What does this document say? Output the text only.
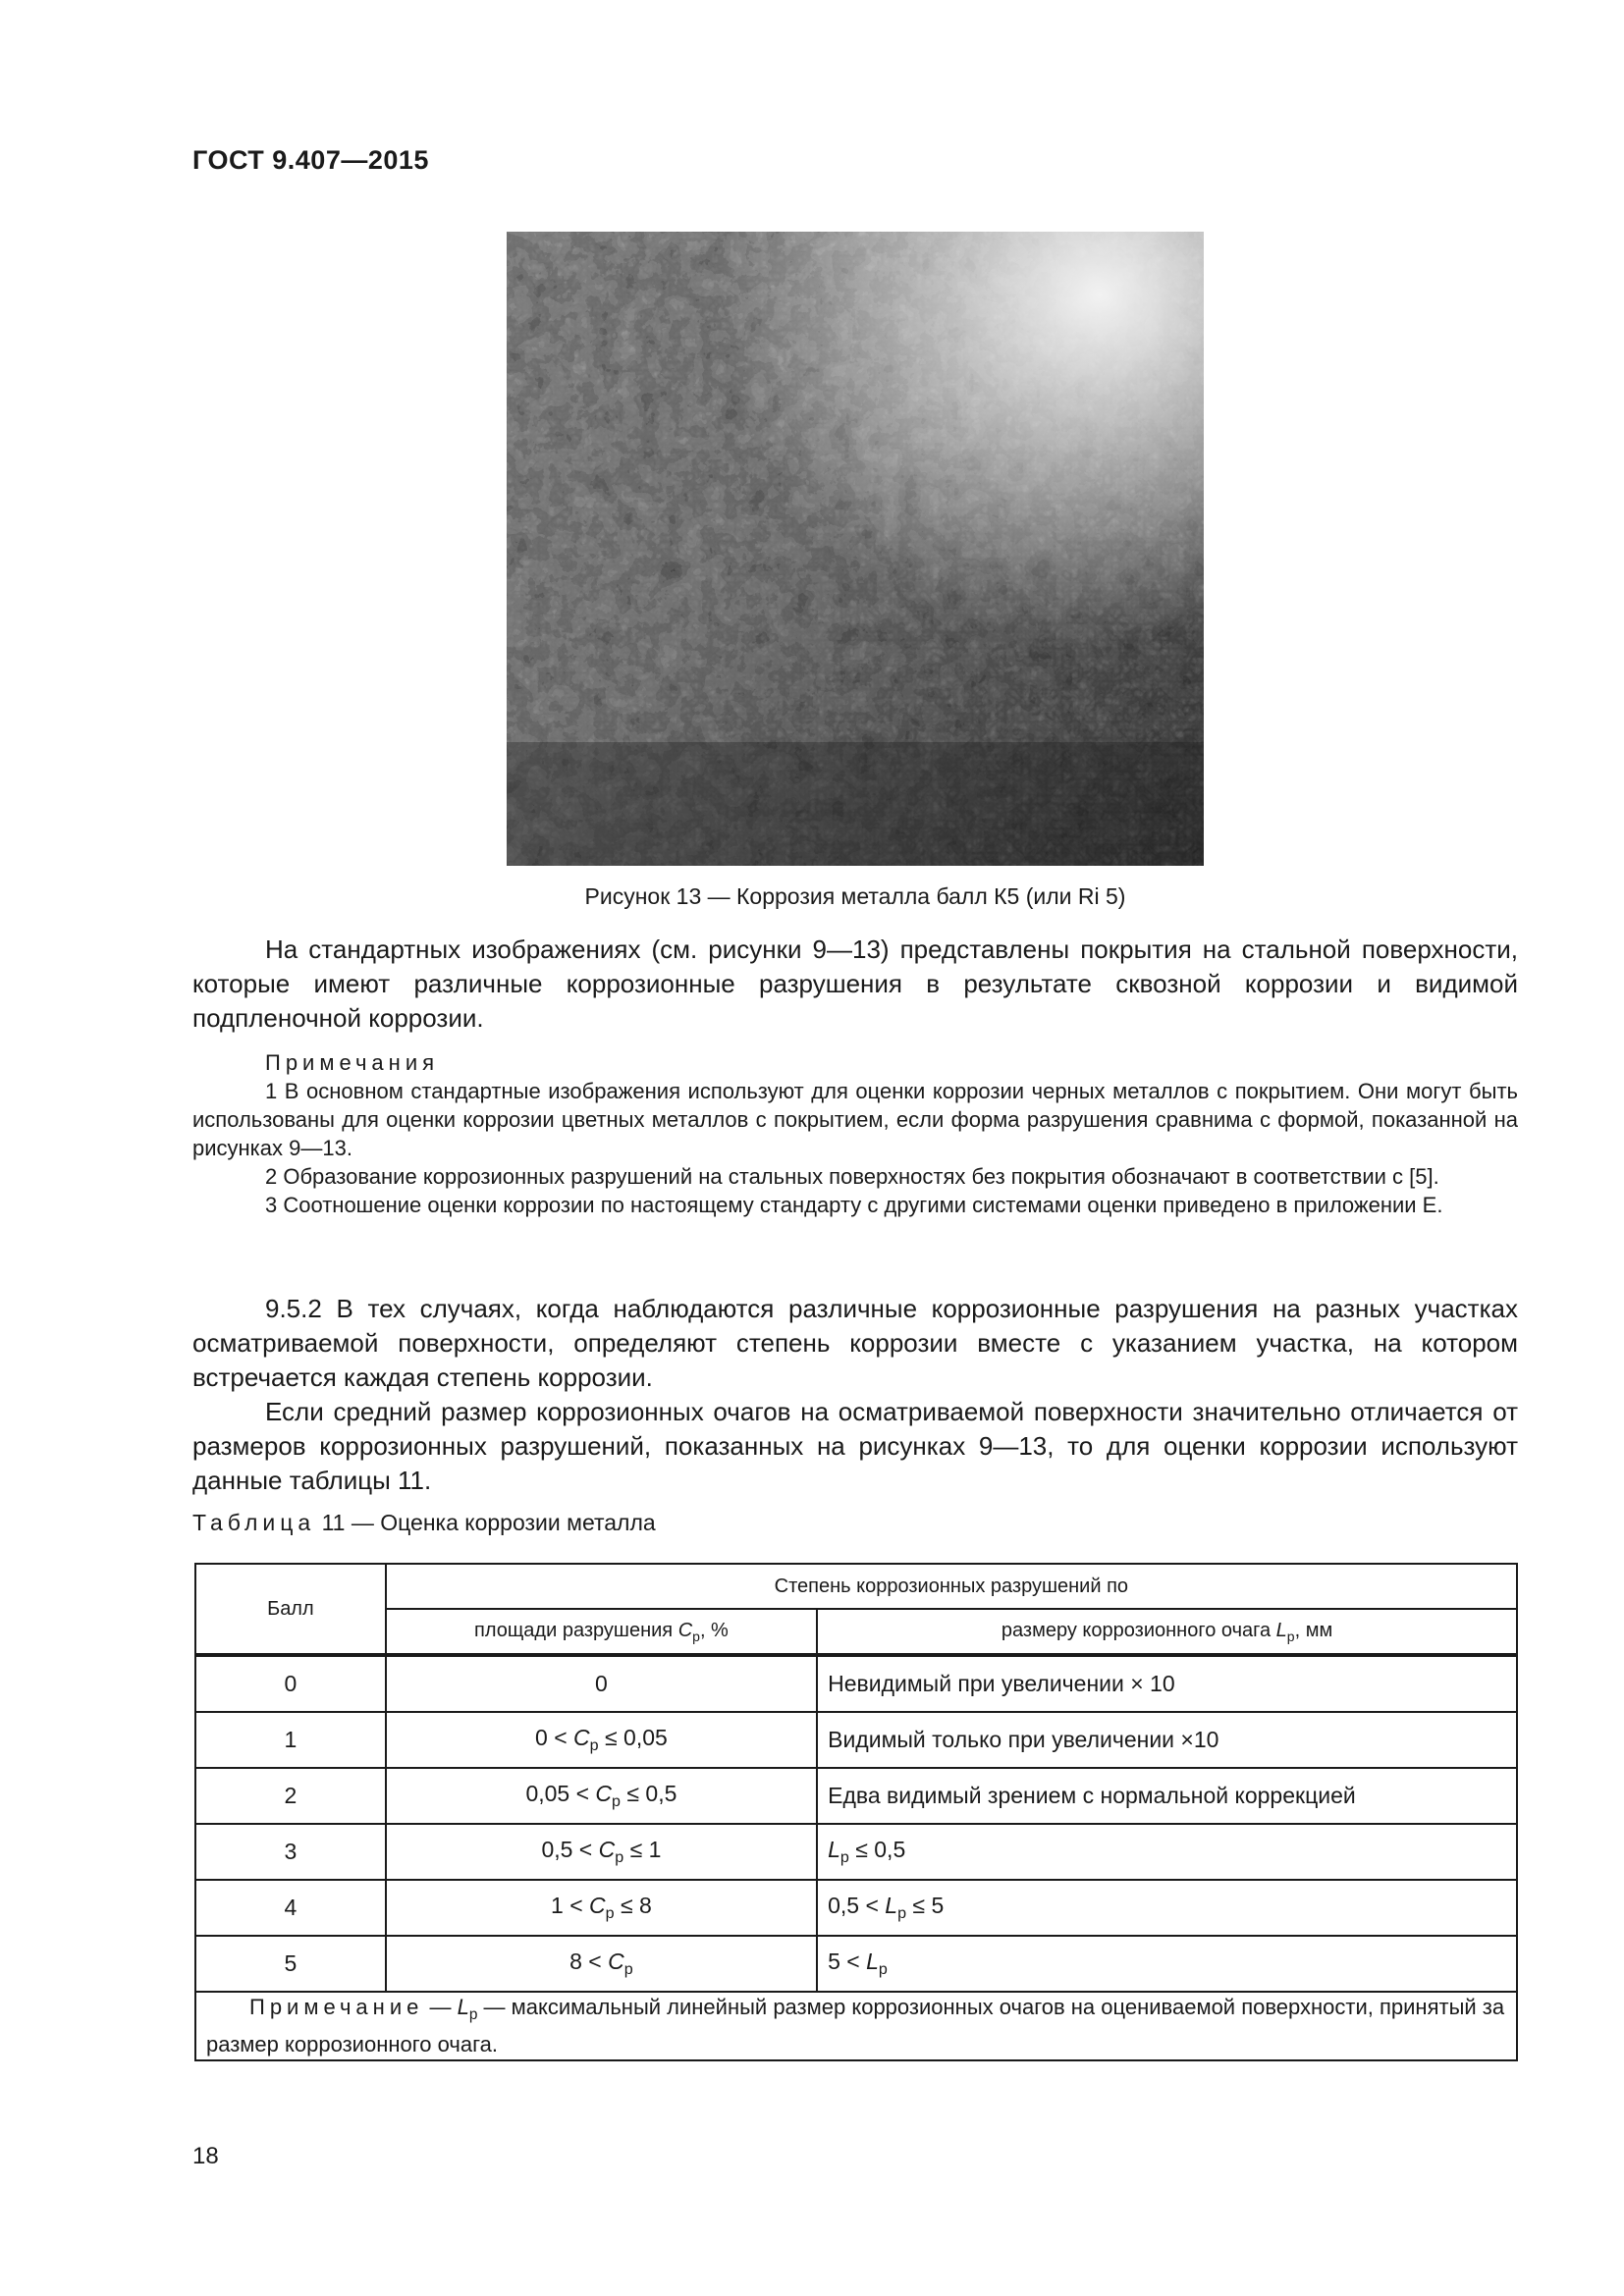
ГОСТ 9.407—2015
Рисунок 13 — Коррозия металла балл К5 (или Ri 5)

На стандартных изображениях (см. рисунки 9—13) представлены покрытия на стальной поверхности, которые имеют различные коррозионные разрушения в результате сквозной коррозии и видимой подпленочной коррозии.

Примечания

1 В основном стандартные изображения используют для оценки коррозии черных металлов с покрытием. Они могут быть использованы для оценки коррозии цветных металлов с покрытием, если форма разрушения сравнима с формой, показанной на рисунках 9—13.

2 Образование коррозионных разрушений на стальных поверхностях без покрытия обозначают в соответствии с [5].

3 Соотношение оценки коррозии по настоящему стандарту с другими системами оценки приведено в приложении Е.

9.5.2 В тех случаях, когда наблюдаются различные коррозионные разрушения на разных участках осматриваемой поверхности, определяют степень коррозии вместе с указанием участка, на котором встречается каждая степень коррозии.

Если средний размер коррозионных очагов на осматриваемой поверхности значительно отличается от размеров коррозионных разрушений, показанных на рисунках 9—13, то для оценки коррозии используют данные таблицы 11.

Таблица 11 — Оценка коррозии металла
Балл	Степень коррозионных разрушений по	
	площади разрушения $C_р$, %	размеру коррозионного очага $L_р$, мм
0	0	Невидимый при увеличении × 10
1	$0 < C_р \le 0,05$	Видимый только при увеличении ×10
2	$0,05 < C_р \le 0,5$	Едва видимый зрением с нормальной коррекцией
3	$0,5 < C_р \le 1$	$L_р \le 0,5$
4	$1 < C_р \le 8$	$0,5 < L_р \le 5$
5	$8 < C_р$	$5 < L_р$
Примечание — $L_р$ — максимальный линейный размер коррозионных очагов на оцениваемой поверхности, принятый за размер коррозионного очага.		
18
